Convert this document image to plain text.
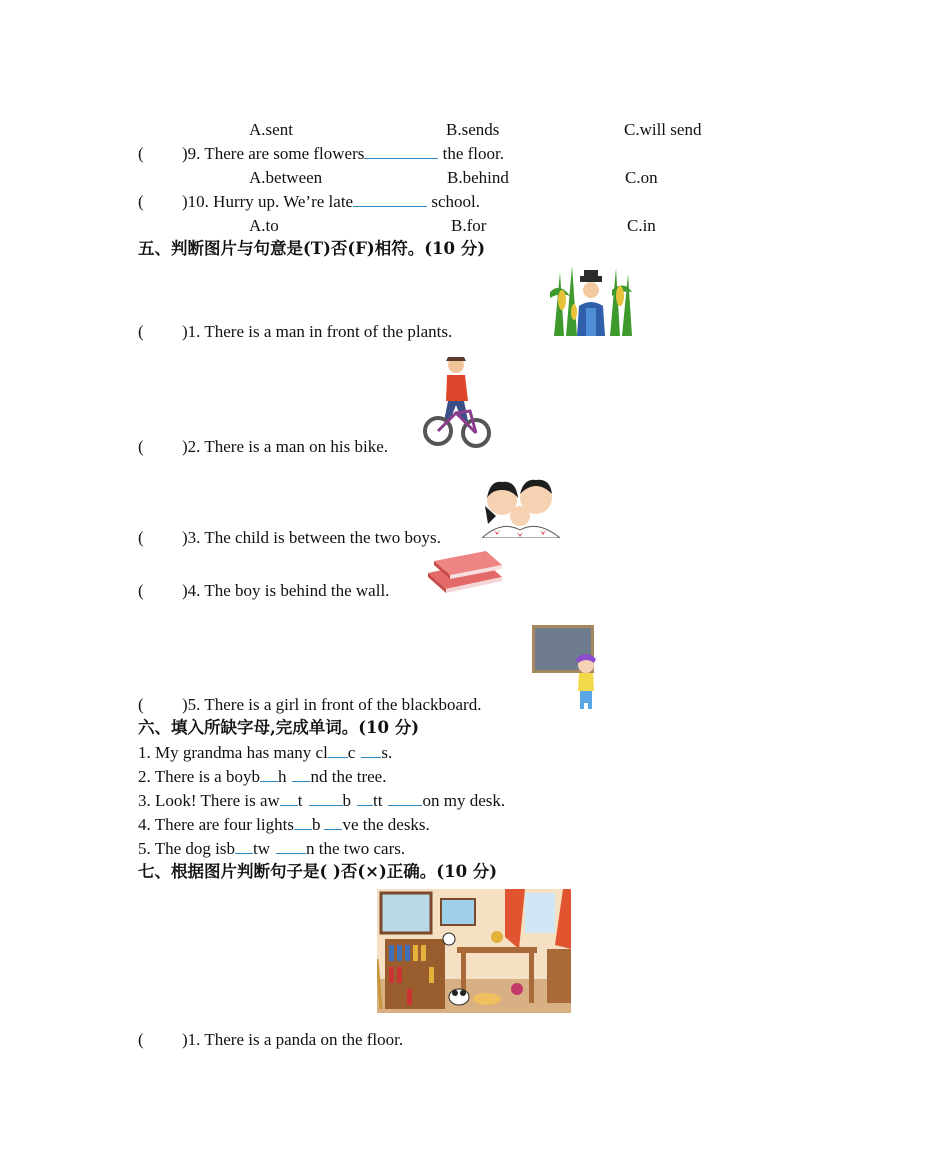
A.sent	B.sends	C.will send
( )9. There are some flowers	the floor.
A.between	B.behind	C.on
( )10. Hurry up. We’re late	school.
A.to	B.for	C.in
五、判断图片与句意是(T)否(F)相符。(10 分)
( )1. There is a man in front of the plants.
( )2. There is a man on his bike.
( )3. The child is between the two boys.
( )4. The boy is behind the wall.
( )5. There is a girl in front of the blackboard.
六、填入所缺字母,完成单词。(10 分)
1. My grandma has many cl c s.
2. There is a boyb h nd the tree.
3. Look! There is aw t b tt on my desk.
4. There are four lights b ve the desks.
5. The dog isb tw n the two cars.
七、根据图片判断句子是( )否(×)正确。(10 分)
( )1. There is a panda on the floor.
